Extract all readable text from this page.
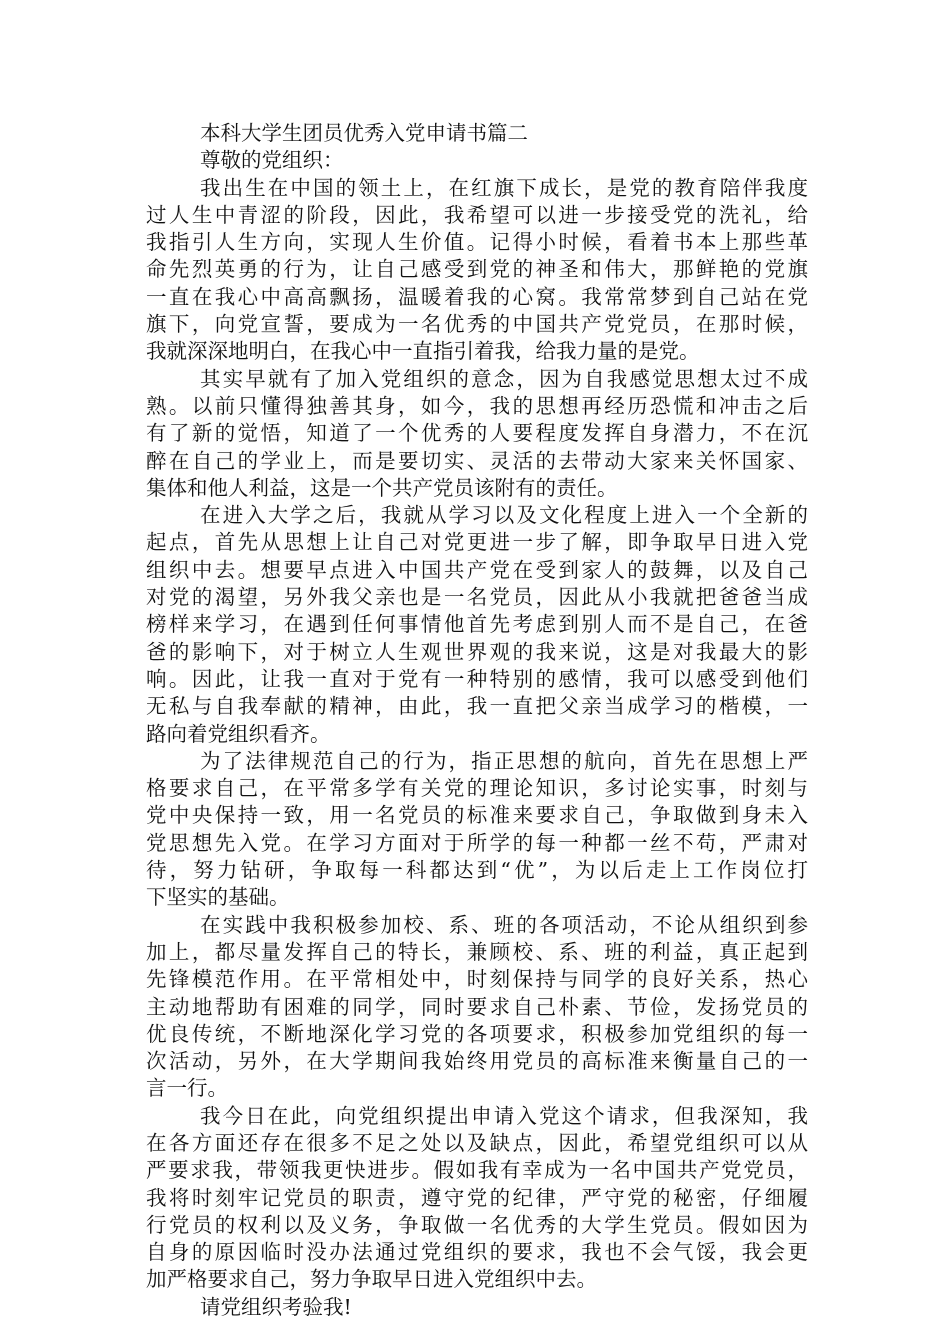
本科大学生团员优秀入党申请书篇二
尊敬的党组织：
我出生在中国的领土上，在红旗下成长，是党的教育陪伴我度
过人生中青涩的阶段，因此，我希望可以进一步接受党的洗礼，给
我指引人生方向，实现人生价值。记得小时候，看着书本上那些革
命先烈英勇的行为，让自己感受到党的神圣和伟大，那鲜艳的党旗
一直在我心中高高飘扬，温暖着我的心窝。我常常梦到自己站在党
旗下，向党宣誓，要成为一名优秀的中国共产党党员，在那时候，
我就深深地明白，在我心中一直指引着我，给我力量的是党。
其实早就有了加入党组织的意念，因为自我感觉思想太过不成
熟。以前只懂得独善其身，如今，我的思想再经历恐慌和冲击之后
有了新的觉悟，知道了一个优秀的人要程度发挥自身潜力，不在沉
醉在自己的学业上，而是要切实、灵活的去带动大家来关怀国家、
集体和他人利益，这是一个共产党员该附有的责任。
在进入大学之后，我就从学习以及文化程度上进入一个全新的
起点，首先从思想上让自己对党更进一步了解，即争取早日进入党
组织中去。想要早点进入中国共产党在受到家人的鼓舞，以及自己
对党的渴望，另外我父亲也是一名党员，因此从小我就把爸爸当成
榜样来学习，在遇到任何事情他首先考虑到别人而不是自己，在爸
爸的影响下，对于树立人生观世界观的我来说，这是对我最大的影
响。因此，让我一直对于党有一种特别的感情，我可以感受到他们
无私与自我奉献的精神，由此，我一直把父亲当成学习的楷模，一
路向着党组织看齐。
为了法律规范自己的行为，指正思想的航向，首先在思想上严
格要求自己，在平常多学有关党的理论知识，多讨论实事，时刻与
党中央保持一致，用一名党员的标准来要求自己，争取做到身未入
党思想先入党。在学习方面对于所学的每一种都一丝不苟，严肃对
待，努力钻研，争取每一科都达到“优”，为以后走上工作岗位打
下坚实的基础。
在实践中我积极参加校、系、班的各项活动，不论从组织到参
加上，都尽量发挥自己的特长，兼顾校、系、班的利益，真正起到
先锋模范作用。在平常相处中，时刻保持与同学的良好关系，热心
主动地帮助有困难的同学，同时要求自己朴素、节俭，发扬党员的
优良传统，不断地深化学习党的各项要求，积极参加党组织的每一
次活动，另外，在大学期间我始终用党员的高标准来衡量自己的一
言一行。
我今日在此，向党组织提出申请入党这个请求，但我深知，我
在各方面还存在很多不足之处以及缺点，因此，希望党组织可以从
严要求我，带领我更快进步。假如我有幸成为一名中国共产党党员，
我将时刻牢记党员的职责，遵守党的纪律，严守党的秘密，仔细履
行党员的权利以及义务，争取做一名优秀的大学生党员。假如因为
自身的原因临时没办法通过党组织的要求，我也不会气馁，我会更
加严格要求自己，努力争取早日进入党组织中去。
请党组织考验我!
